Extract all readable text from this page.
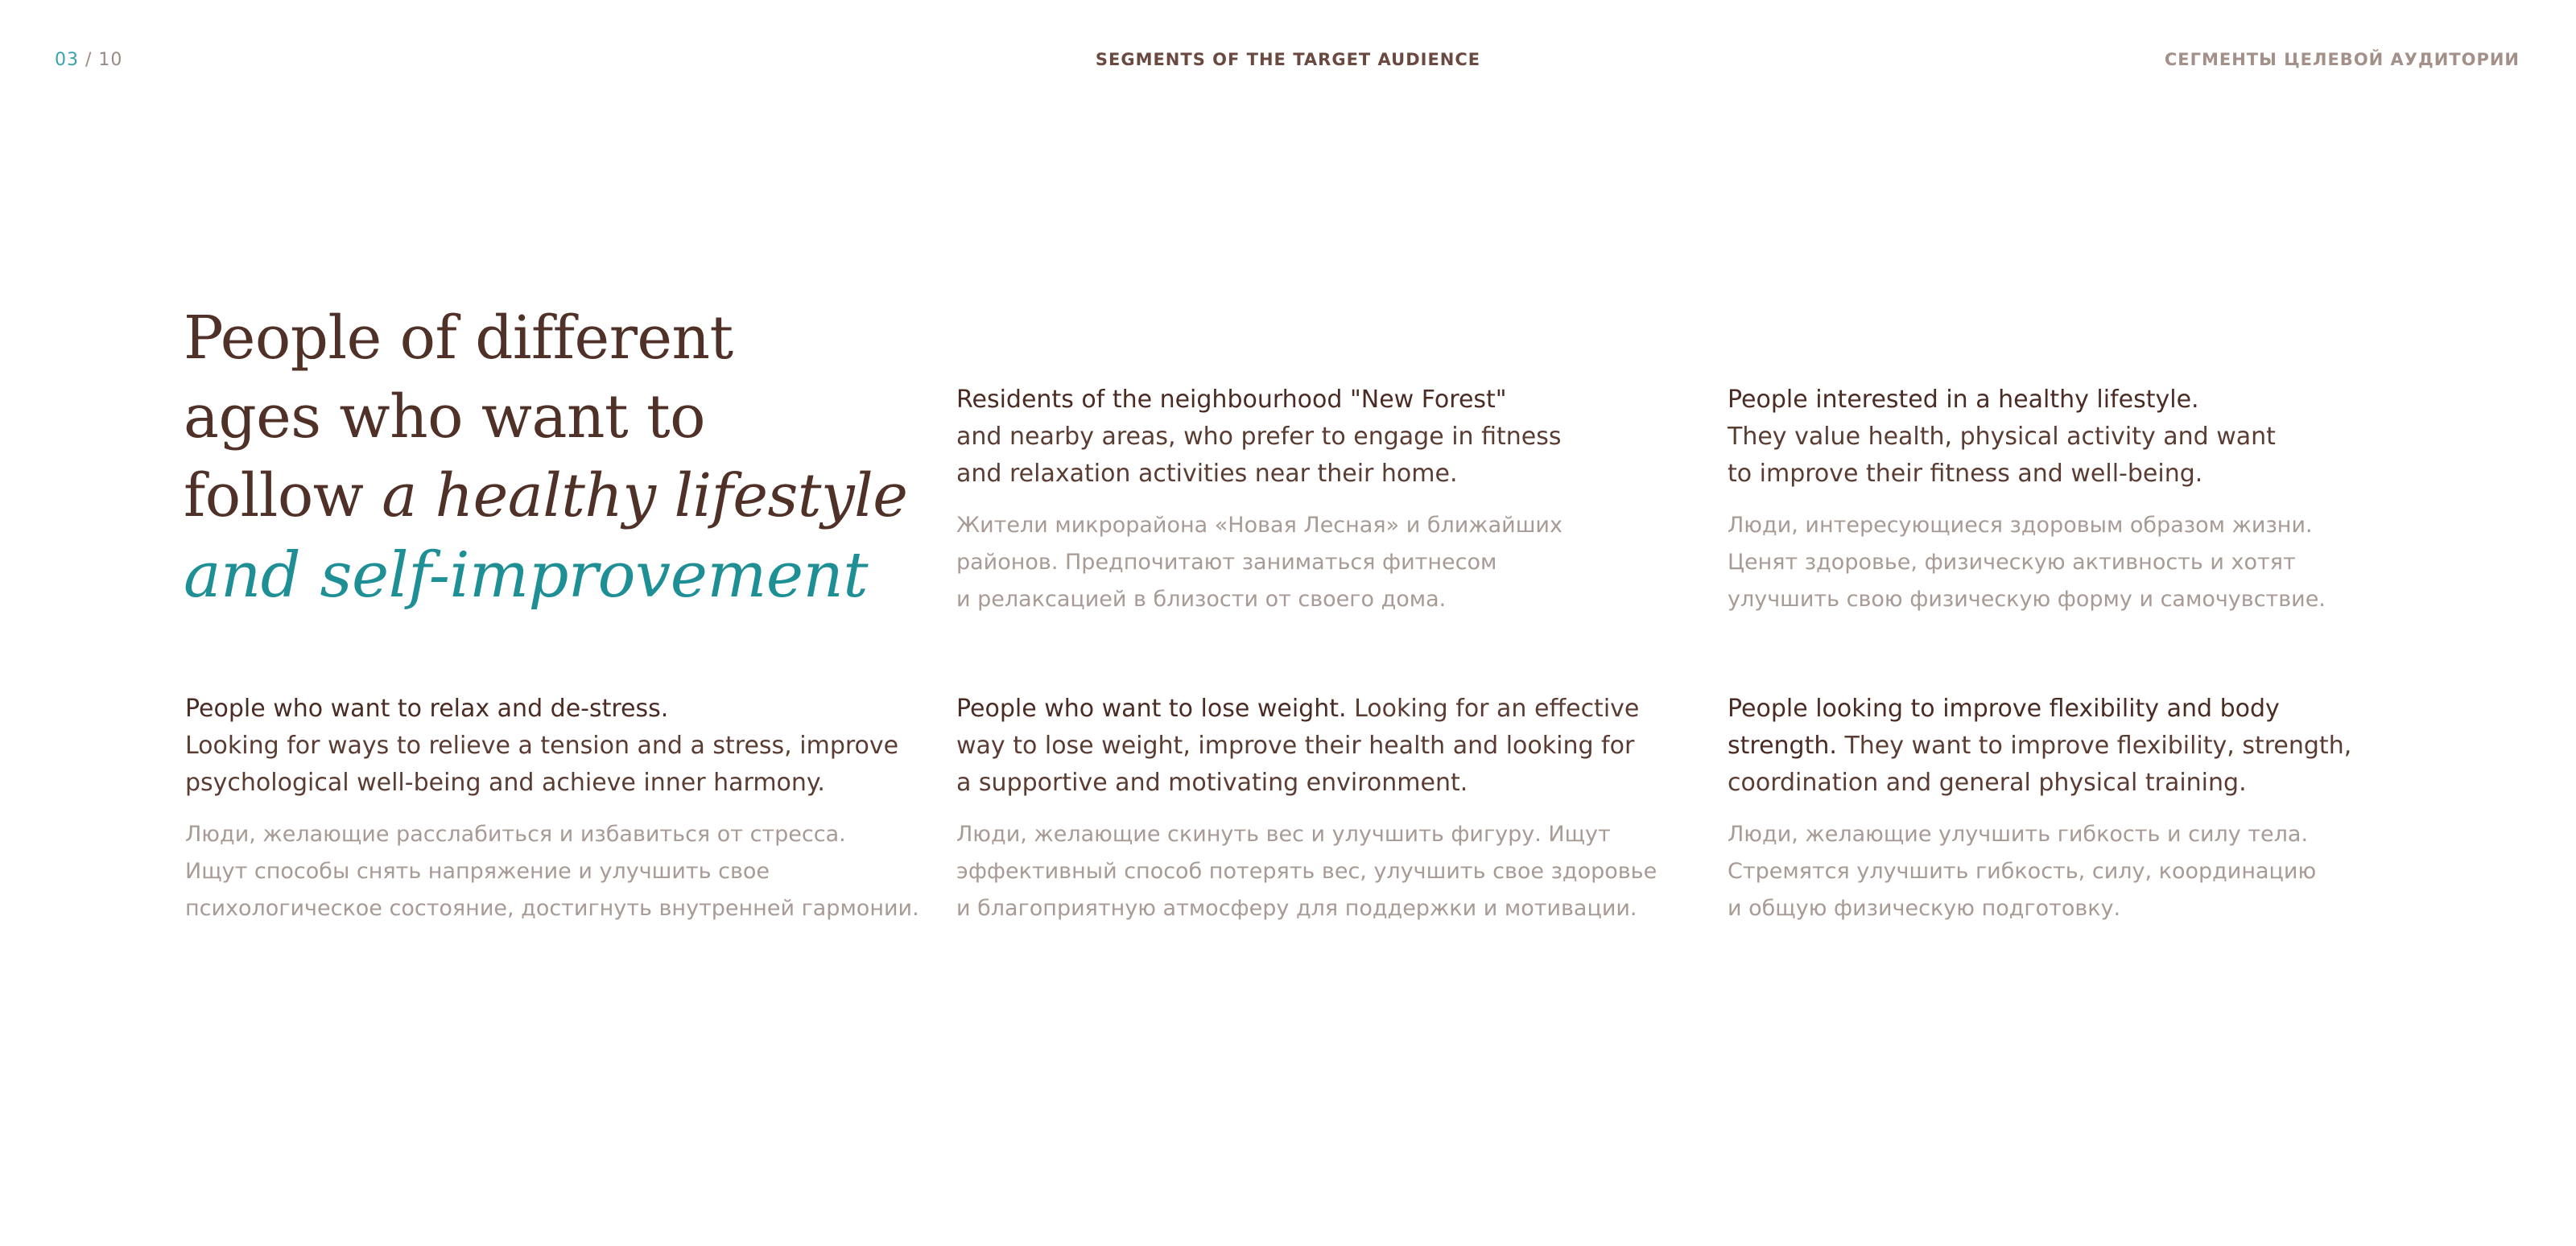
03 / 10	SEGMENTS OF THE TARGET AUDIENCE	СЕГМЕНТЫ ЦЕЛЕВОЙ АУДИТОРИИ
People of different
ages who want to
follow a healthy lifestyle
and self-improvement

Residents of the neighbourhood "New Forest"
and nearby areas, who prefer to engage in fitness
and relaxation activities near their home.

Жители микрорайона «Новая Лесная» и ближайших
районов. Предпочитают заниматься фитнесом
и релаксацией в близости от своего дома.

People interested in a healthy lifestyle.
They value health, physical activity and want
to improve their fitness and well-being.

Люди, интересующиеся здоровым образом жизни.
Ценят здоровье, физическую активность и хотят
улучшить свою физическую форму и самочувствие.

People who want to relax and de-stress.
Looking for ways to relieve a tension and a stress, improve
psychological well-being and achieve inner harmony.

Люди, желающие расслабиться и избавиться от стресса.
Ищут способы снять напряжение и улучшить свое
психологическое состояние, достигнуть внутренней гармонии.

People who want to lose weight. Looking for an effective
way to lose weight, improve their health and looking for
a supportive and motivating environment.

Люди, желающие скинуть вес и улучшить фигуру. Ищут
эффективный способ потерять вес, улучшить свое здоровье
и благоприятную атмосферу для поддержки и мотивации.

People looking to improve flexibility and body
strength. They want to improve flexibility, strength,
coordination and general physical training.

Люди, желающие улучшить гибкость и силу тела.
Стремятся улучшить гибкость, силу, координацию
и общую физическую подготовку.
